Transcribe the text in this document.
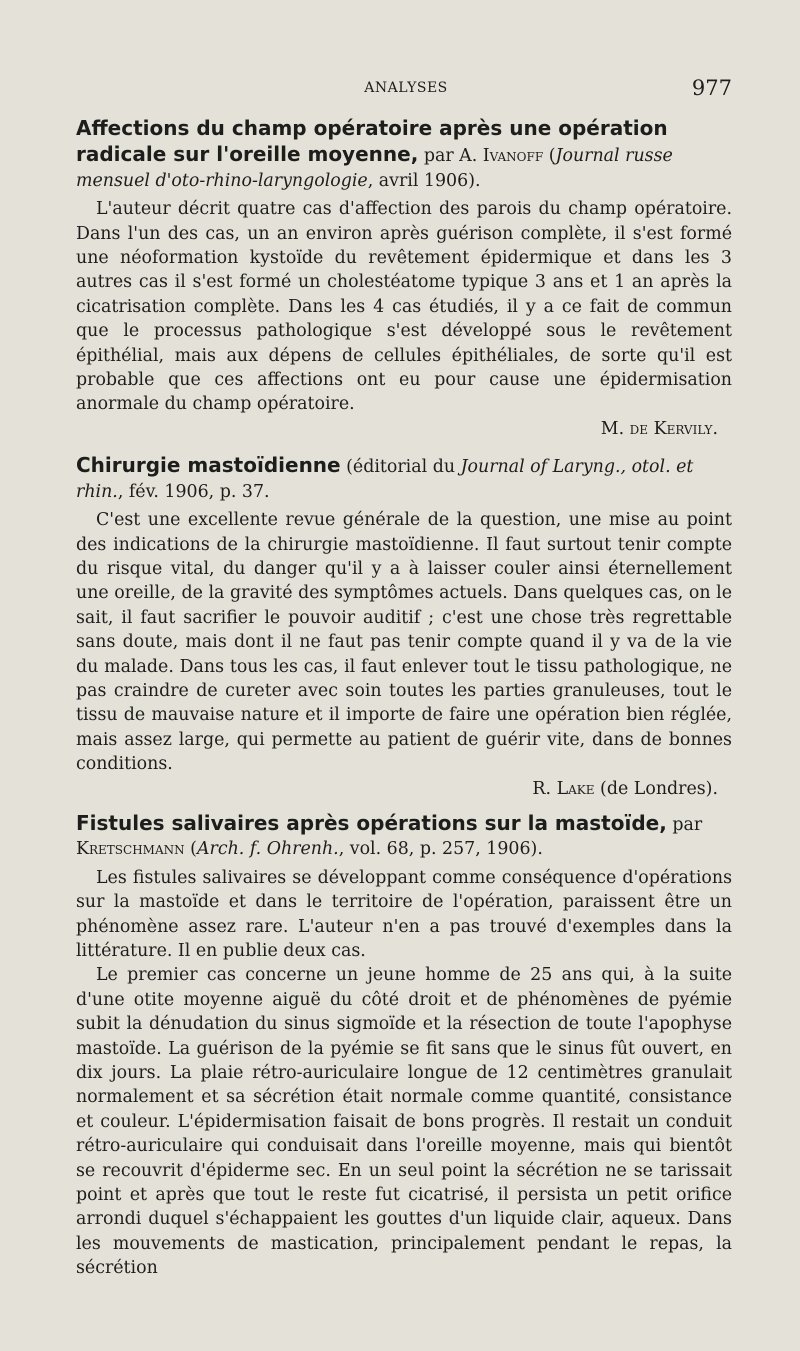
ANALYSES	977

Affections du champ opératoire après une opération radicale sur l'oreille moyenne, par A. Ivanoff (Journal russe mensuel d'oto-rhino-laryngologie, avril 1906).

L'auteur décrit quatre cas d'affection des parois du champ opératoire. Dans l'un des cas, un an environ après guérison complète, il s'est formé une néoformation kystoïde du revêtement épidermique et dans les 3 autres cas il s'est formé un cholestéatome typique 3 ans et 1 an après la cicatrisation complète. Dans les 4 cas étudiés, il y a ce fait de commun que le processus pathologique s'est développé sous le revêtement épithélial, mais aux dépens de cellules épithéliales, de sorte qu'il est probable que ces affections ont eu pour cause une épidermisation anormale du champ opératoire.

M. de Kervily.

Chirurgie mastoïdienne (éditorial du Journal of Laryng., otol. et rhin., fév. 1906, p. 37.

C'est une excellente revue générale de la question, une mise au point des indications de la chirurgie mastoïdienne. Il faut surtout tenir compte du risque vital, du danger qu'il y a à laisser couler ainsi éternellement une oreille, de la gravité des symptômes actuels. Dans quelques cas, on le sait, il faut sacrifier le pouvoir auditif ; c'est une chose très regrettable sans doute, mais dont il ne faut pas tenir compte quand il y va de la vie du malade. Dans tous les cas, il faut enlever tout le tissu pathologique, ne pas craindre de cureter avec soin toutes les parties granuleuses, tout le tissu de mauvaise nature et il importe de faire une opération bien réglée, mais assez large, qui permette au patient de guérir vite, dans de bonnes conditions.

R. Lake (de Londres).

Fistules salivaires après opérations sur la mastoïde, par Kretschmann (Arch. f. Ohrenh., vol. 68, p. 257, 1906).

Les fistules salivaires se développant comme conséquence d'opérations sur la mastoïde et dans le territoire de l'opération, paraissent être un phénomène assez rare. L'auteur n'en a pas trouvé d'exemples dans la littérature. Il en publie deux cas.

Le premier cas concerne un jeune homme de 25 ans qui, à la suite d'une otite moyenne aiguë du côté droit et de phénomènes de pyémie subit la dénudation du sinus sigmoïde et la résection de toute l'apophyse mastoïde. La guérison de la pyémie se fit sans que le sinus fût ouvert, en dix jours. La plaie rétro-auriculaire longue de 12 centimètres granulait normalement et sa sécrétion était normale comme quantité, consistance et couleur. L'épidermisation faisait de bons progrès. Il restait un conduit rétro-auriculaire qui conduisait dans l'oreille moyenne, mais qui bientôt se recouvrit d'épiderme sec. En un seul point la sécrétion ne se tarissait point et après que tout le reste fut cicatrisé, il persista un petit orifice arrondi duquel s'échappaient les gouttes d'un liquide clair, aqueux. Dans les mouvements de mastication, principalement pendant le repas, la sécrétion
